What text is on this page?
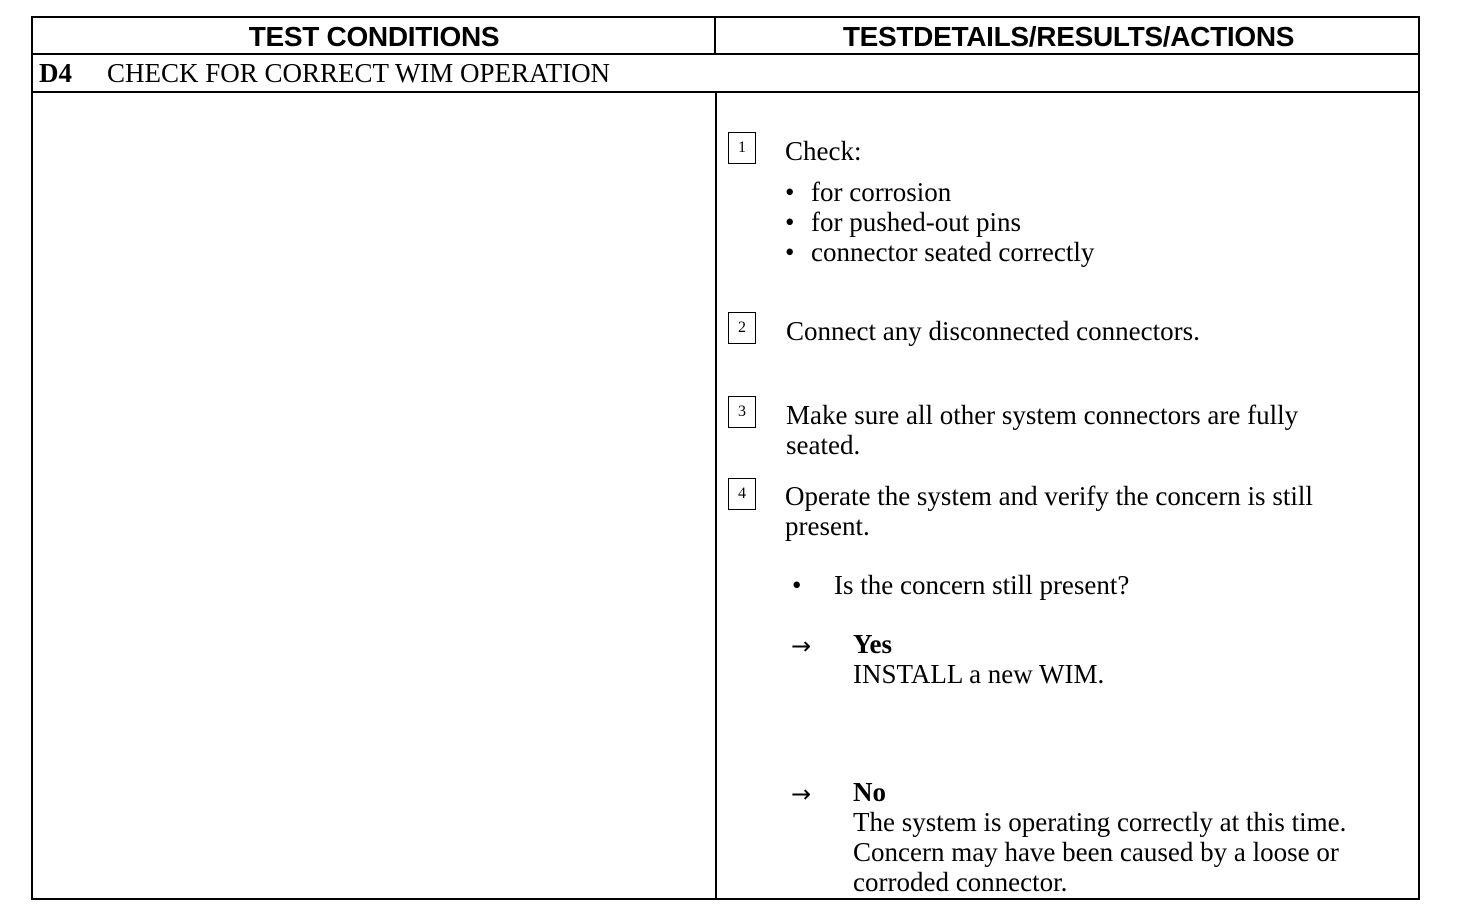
TEST CONDITIONS	TESTDETAILS/RESULTS/ACTIONS
D4 CHECK FOR CORRECT WIM OPERATION
1	Check:
• for corrosion
• for pushed-out pins
• connector seated correctly
2	Connect any disconnected connectors.
3	Make sure all other system connectors are fully
seated.
4	Operate the system and verify the concern is still
present.
• Is the concern still present?
→ Yes
INSTALL a new WIM.
→ No
The system is operating correctly at this time.
Concern may have been caused by a loose or
corroded connector.
